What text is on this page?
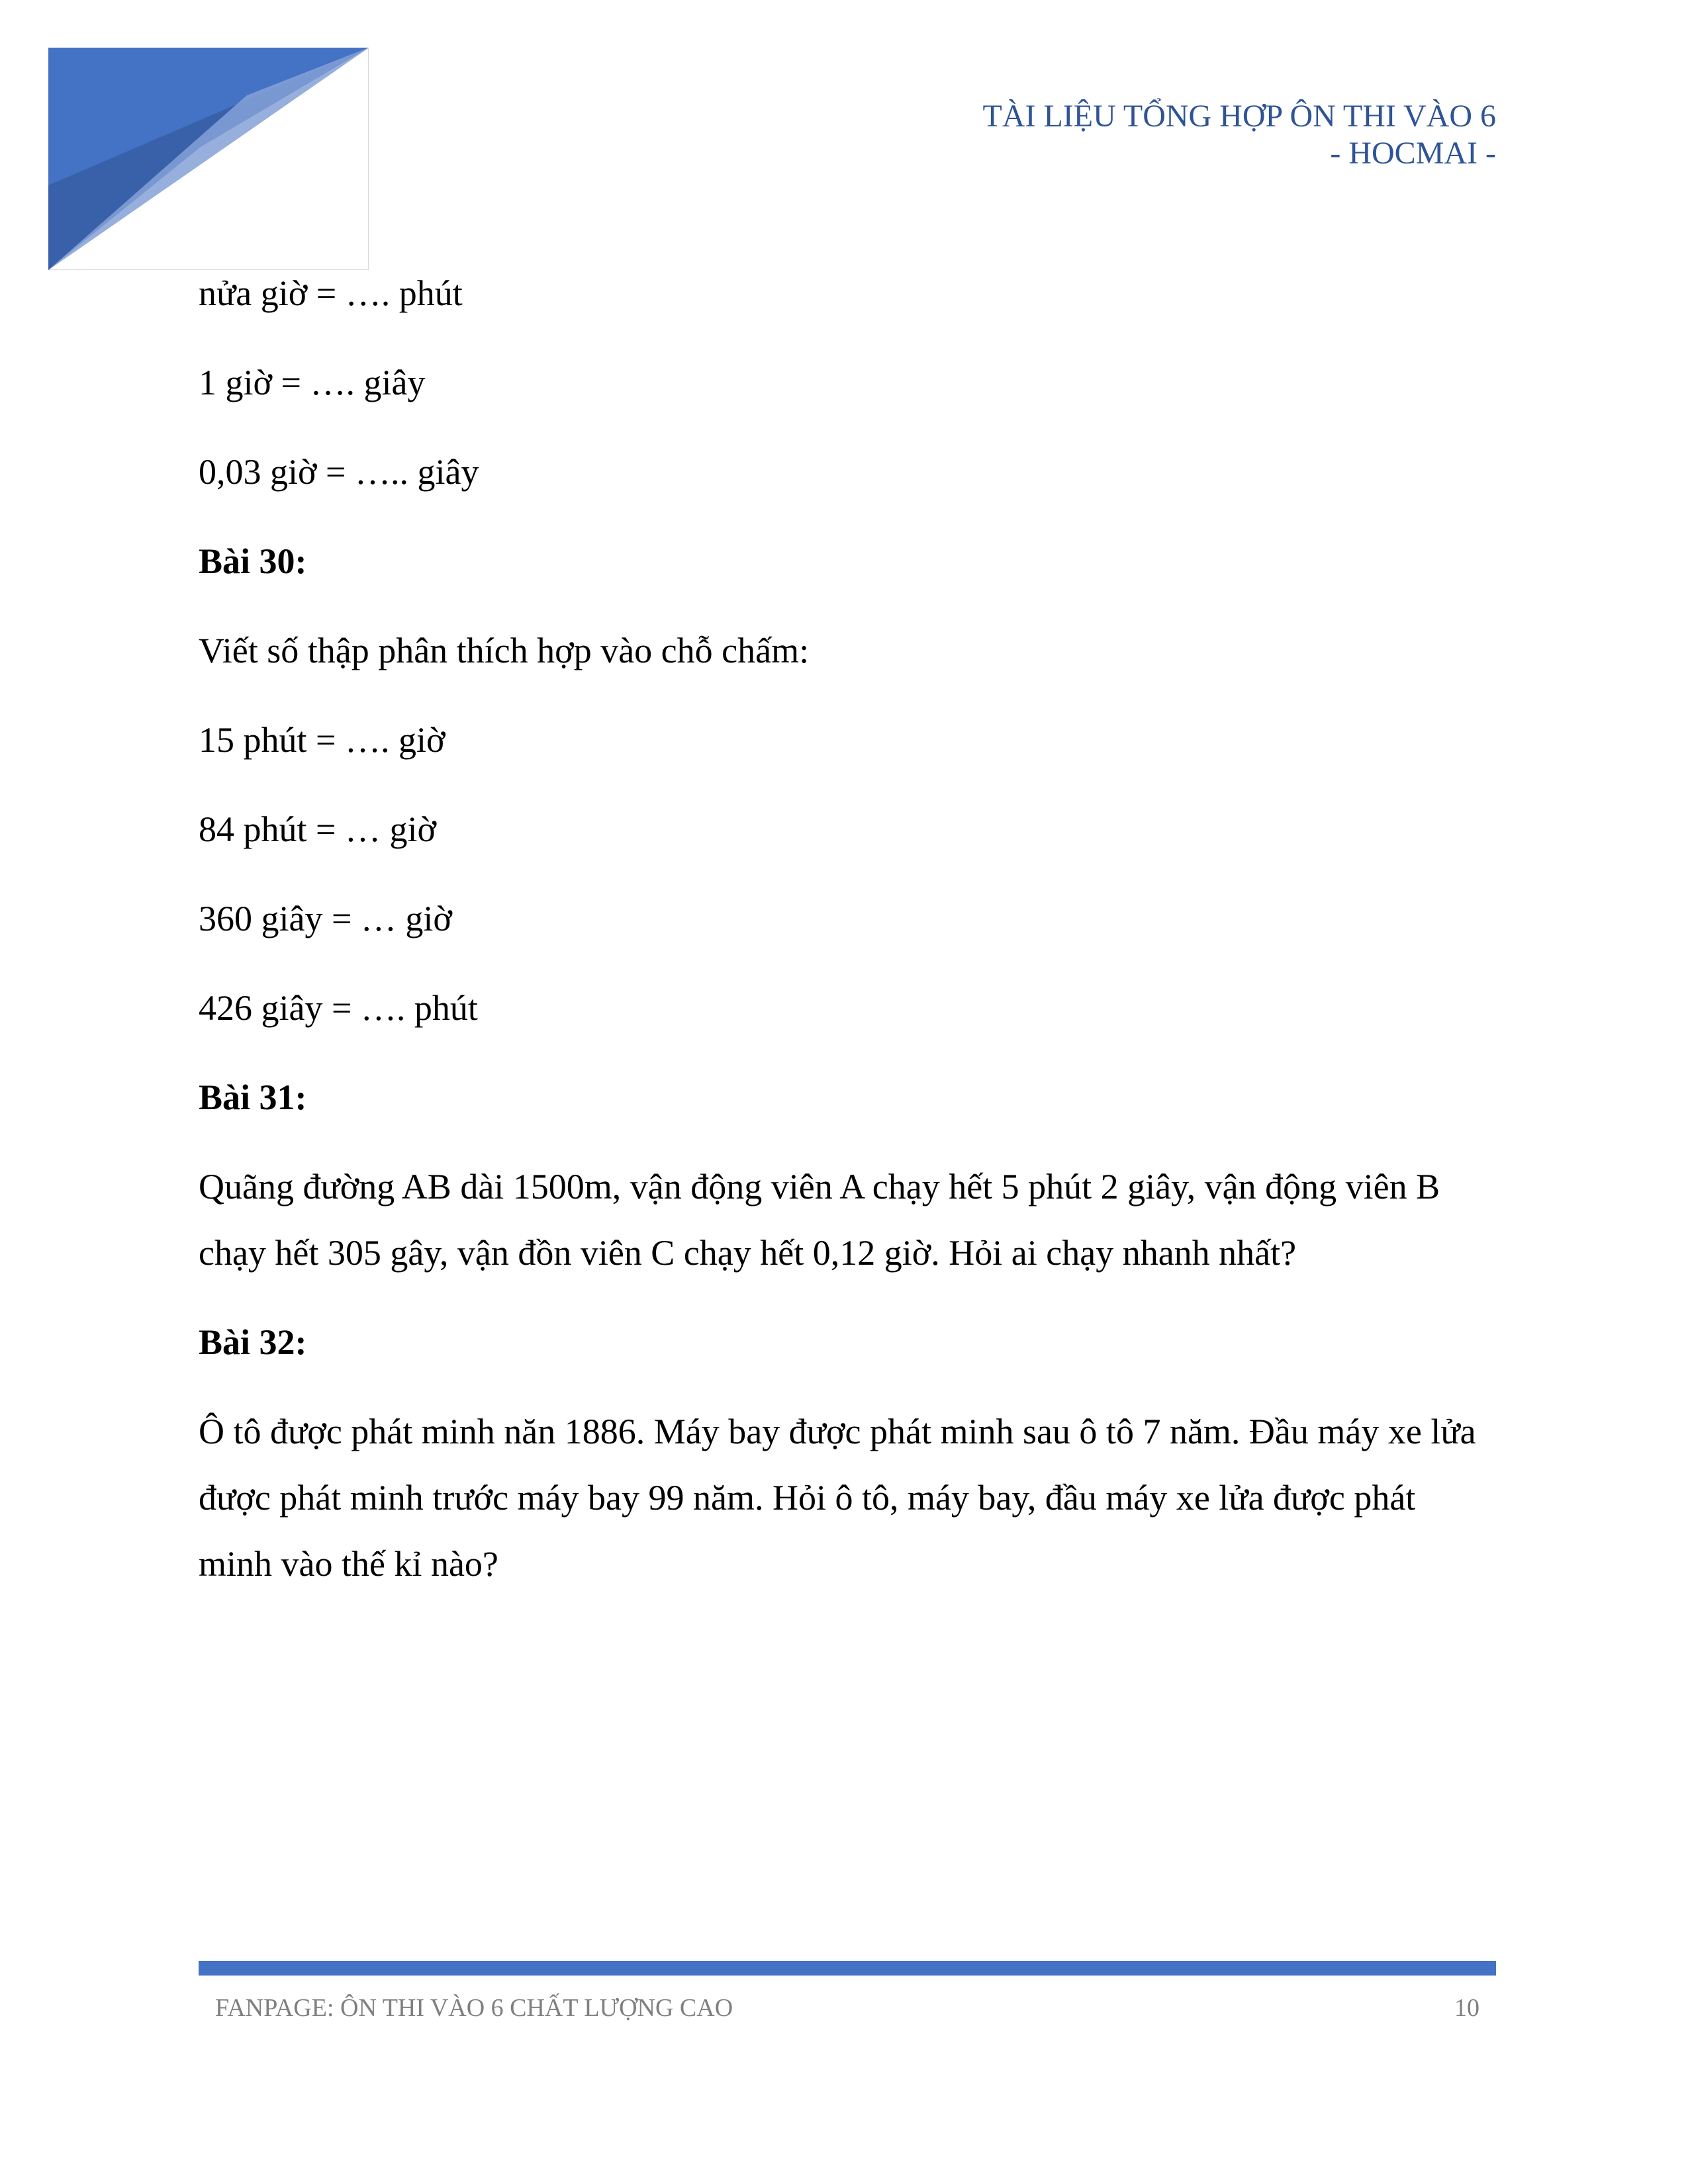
TÀI LIỆU TỔNG HỢP ÔN THI VÀO 6
- HOCMAI -

nửa giờ = …. phút

1 giờ = …. giây

0,03 giờ = ….. giây

Bài 30:

Viết số thập phân thích hợp vào chỗ chấm:

15 phút = …. giờ

84 phút = … giờ

360 giây = … giờ

426 giây = …. phút

Bài 31:

Quãng đường AB dài 1500m, vận động viên A chạy hết 5 phút 2 giây, vận động viên B chạy hết 305 gây, vận đồn viên C chạy hết 0,12 giờ. Hỏi ai chạy nhanh nhất?

Bài 32:

Ô tô được phát minh năn 1886. Máy bay được phát minh sau ô tô 7 năm. Đầu máy xe lửa được phát minh trước máy bay 99 năm. Hỏi ô tô, máy bay, đầu máy xe lửa được phát minh vào thế kỉ nào?

FANPAGE: ÔN THI VÀO 6 CHẤT LƯỢNG CAO	10
